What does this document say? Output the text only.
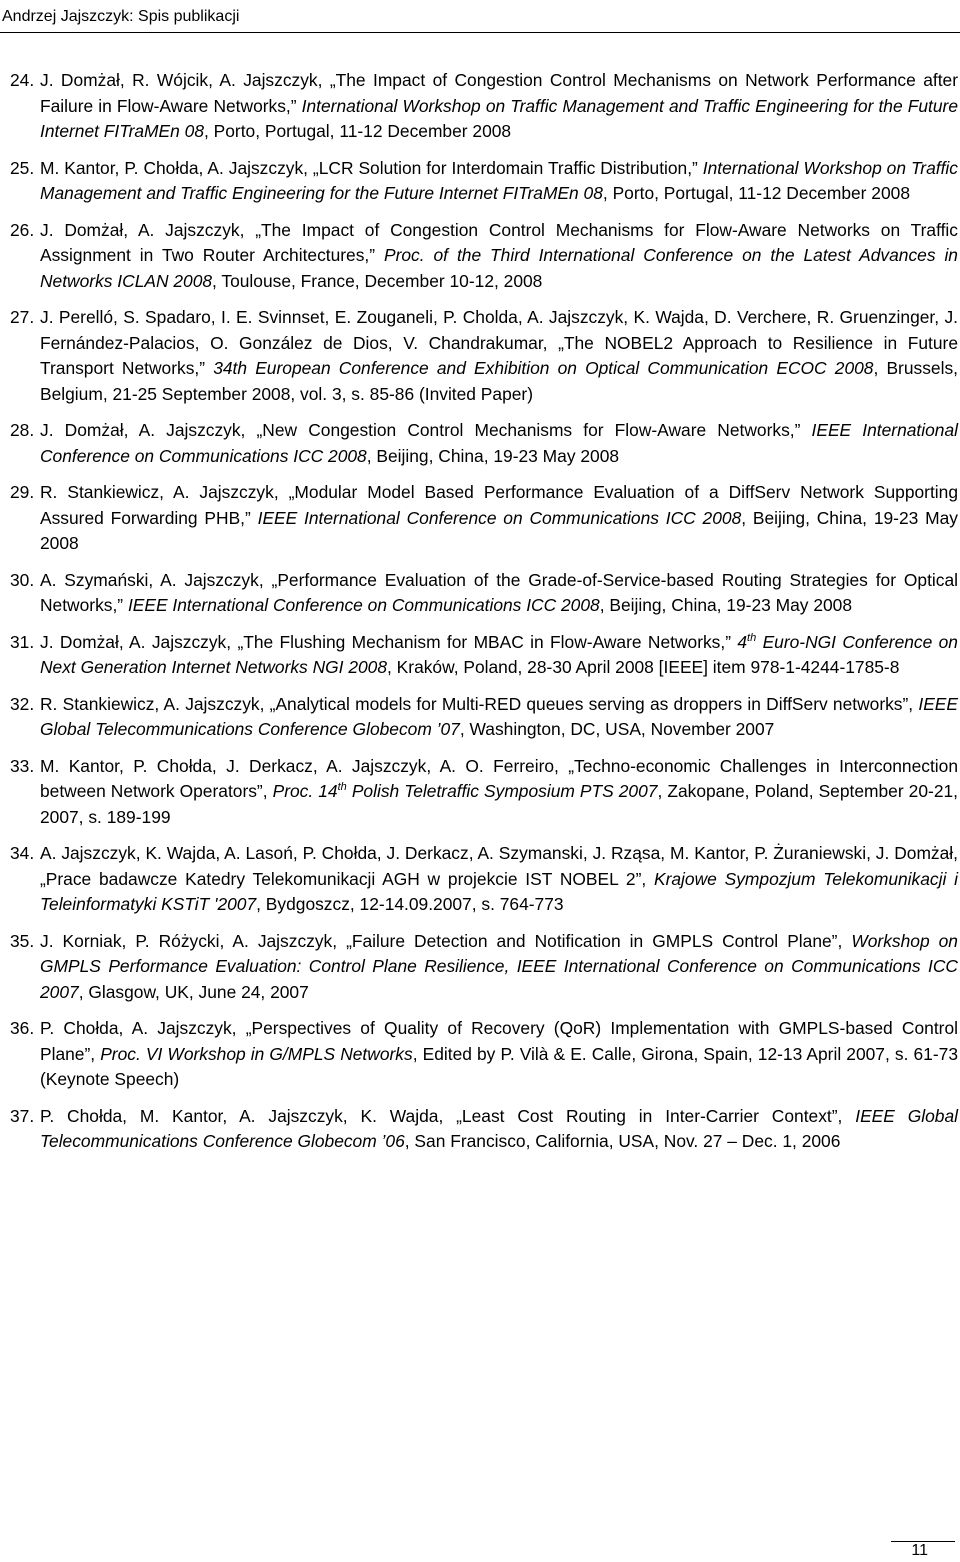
Andrzej Jajszczyk: Spis publikacji
24. J. Domżał, R. Wójcik, A. Jajszczyk, „The Impact of Congestion Control Mechanisms on Network Performance after Failure in Flow-Aware Networks,” International Workshop on Traffic Management and Traffic Engineering for the Future Internet FITraMEn 08, Porto, Portugal, 11-12 December 2008
25. M. Kantor, P. Chołda, A. Jajszczyk, „LCR Solution for Interdomain Traffic Distribution,” International Workshop on Traffic Management and Traffic Engineering for the Future Internet FITraMEn 08, Porto, Portugal, 11-12 December 2008
26. J. Domżał, A. Jajszczyk, „The Impact of Congestion Control Mechanisms for Flow-Aware Networks on Traffic Assignment in Two Router Architectures,” Proc. of the Third International Conference on the Latest Advances in Networks ICLAN 2008, Toulouse, France, December 10-12, 2008
27. J. Perelló, S. Spadaro, I. E. Svinnset, E. Zouganeli, P. Cholda, A. Jajszczyk, K. Wajda, D. Verchere, R. Gruenzinger, J. Fernández-Palacios, O. González de Dios, V. Chandrakumar, „The NOBEL2 Approach to Resilience in Future Transport Networks,” 34th European Conference and Exhibition on Optical Communication ECOC 2008, Brussels, Belgium, 21-25 September 2008, vol. 3, s. 85-86 (Invited Paper)
28. J. Domżał, A. Jajszczyk, „New Congestion Control Mechanisms for Flow-Aware Networks,” IEEE International Conference on Communications ICC 2008, Beijing, China, 19-23 May 2008
29. R. Stankiewicz, A. Jajszczyk, „Modular Model Based Performance Evaluation of a DiffServ Network Supporting Assured Forwarding PHB,” IEEE International Conference on Communications ICC 2008, Beijing, China, 19-23 May 2008
30. A. Szymański, A. Jajszczyk, „Performance Evaluation of the Grade-of-Service-based Routing Strategies for Optical Networks,” IEEE International Conference on Communications ICC 2008, Beijing, China, 19-23 May 2008
31. J. Domżał, A. Jajszczyk, „The Flushing Mechanism for MBAC in Flow-Aware Networks,” 4th Euro-NGI Conference on Next Generation Internet Networks NGI 2008, Kraków, Poland, 28-30 April 2008 [IEEE] item 978-1-4244-1785-8
32. R. Stankiewicz, A. Jajszczyk, „Analytical models for Multi-RED queues serving as droppers in DiffServ networks”, IEEE Global Telecommunications Conference Globecom ’07, Washington, DC, USA, November 2007
33. M. Kantor, P. Chołda, J. Derkacz, A. Jajszczyk, A. O. Ferreiro, „Techno-economic Challenges in Interconnection between Network Operators”, Proc. 14th Polish Teletraffic Symposium PTS 2007, Zakopane, Poland, September 20-21, 2007, s. 189-199
34. A. Jajszczyk, K. Wajda, A. Lasoń, P. Chołda, J. Derkacz, A. Szymanski, J. Rząsa, M. Kantor, P. Żuraniewski, J. Domżał, „Prace badawcze Katedry Telekomunikacji AGH w projekcie IST NOBEL 2”, Krajowe Sympozjum Telekomunikacji i Teleinformatyki KSTiT '2007, Bydgoszcz, 12-14.09.2007, s. 764-773
35. J. Korniak, P. Różycki, A. Jajszczyk, „Failure Detection and Notification in GMPLS Control Plane”, Workshop on GMPLS Performance Evaluation: Control Plane Resilience, IEEE International Conference on Communications ICC 2007, Glasgow, UK, June 24, 2007
36. P. Chołda, A. Jajszczyk, „Perspectives of Quality of Recovery (QoR) Implementation with GMPLS-based Control Plane”, Proc. VI Workshop in G/MPLS Networks, Edited by P. Vilà & E. Calle, Girona, Spain, 12-13 April 2007, s. 61-73 (Keynote Speech)
37. P. Chołda, M. Kantor, A. Jajszczyk, K. Wajda, „Least Cost Routing in Inter-Carrier Context”, IEEE Global Telecommunications Conference Globecom ’06, San Francisco, California, USA, Nov. 27 – Dec. 1, 2006
11
